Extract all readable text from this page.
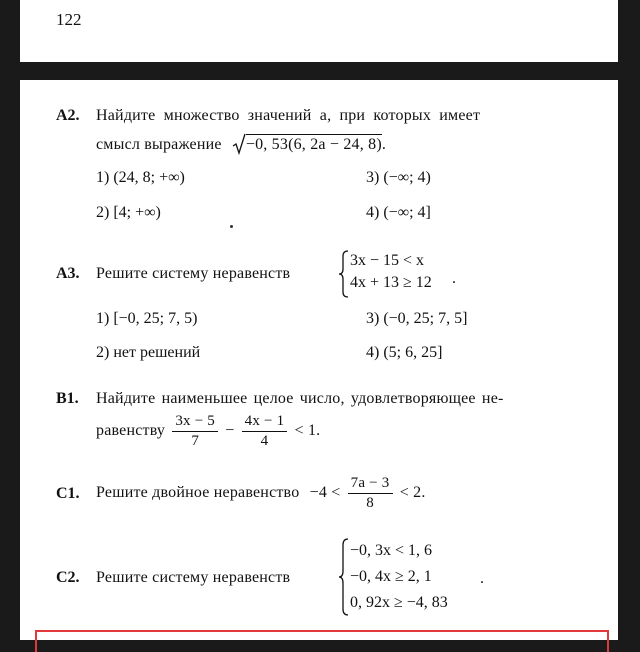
122
A2. Найдите множество значений a, при которых имеет
смысл выражение −0, 53(6, 2a − 24, 8).
1) (24, 8; +∞)	3) (−∞; 4)
2) [4; +∞)	4) (−∞; 4]
A3. Решите систему неравенств
3x − 15 < x
4x + 13 ≥ 12 .
1) [−0, 25; 7, 5)	3) (−0, 25; 7, 5]
2) нет решений	4) (5; 6, 25]
B1. Найдите наименьшее целое число, удовлетворяющее не-
равенству $\frac{3x - 5}{7} - \frac{4x - 1}{4} < 1$.
C1. Решите двойное неравенство $-4 < \frac{7a - 3}{8} < 2$.
C2. Решите систему неравенств
−0, 3x < 1, 6
−0, 4x ≥ 2, 1
0, 92x ≥ −4, 83
.
